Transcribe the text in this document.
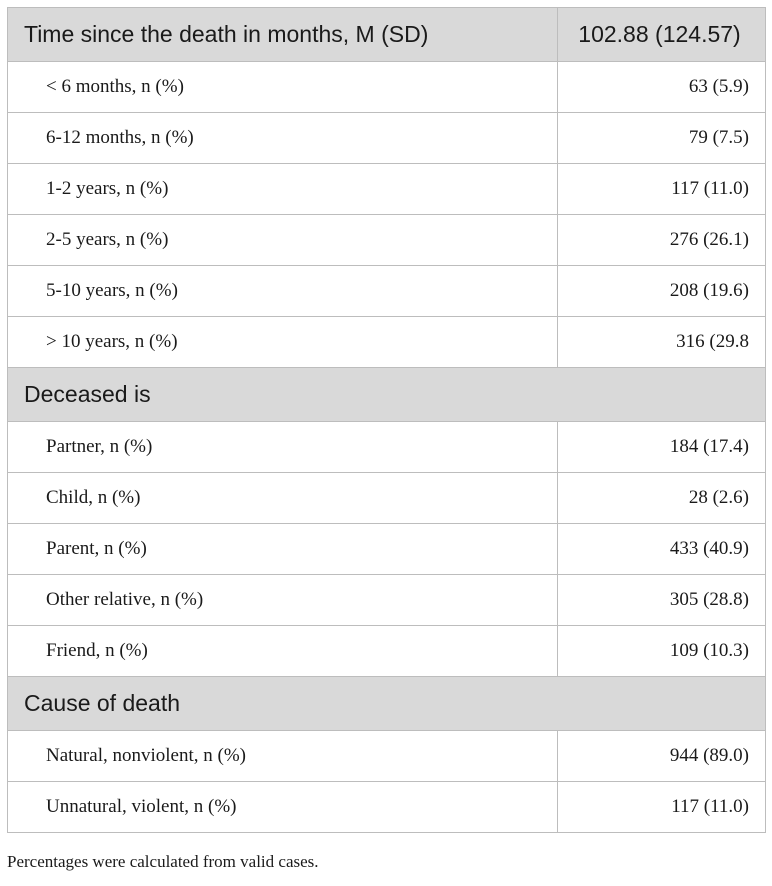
Time since the death in months, M (SD)	102.88 (124.57)
< 6 months, n (%)	63 (5.9)
6-12 months, n (%)	79 (7.5)
1-2 years, n (%)	117 (11.0)
2-5 years, n (%)	276 (26.1)
5-10 years, n (%)	208 (19.6)
> 10 years, n (%)	316 (29.8
Deceased is	
Partner, n (%)	184 (17.4)
Child, n (%)	28 (2.6)
Parent, n (%)	433 (40.9)
Other relative, n (%)	305 (28.8)
Friend, n (%)	109 (10.3)
Cause of death	
Natural, nonviolent, n (%)	944 (89.0)
Unnatural, violent, n (%)	117 (11.0)
Percentages were calculated from valid cases.
